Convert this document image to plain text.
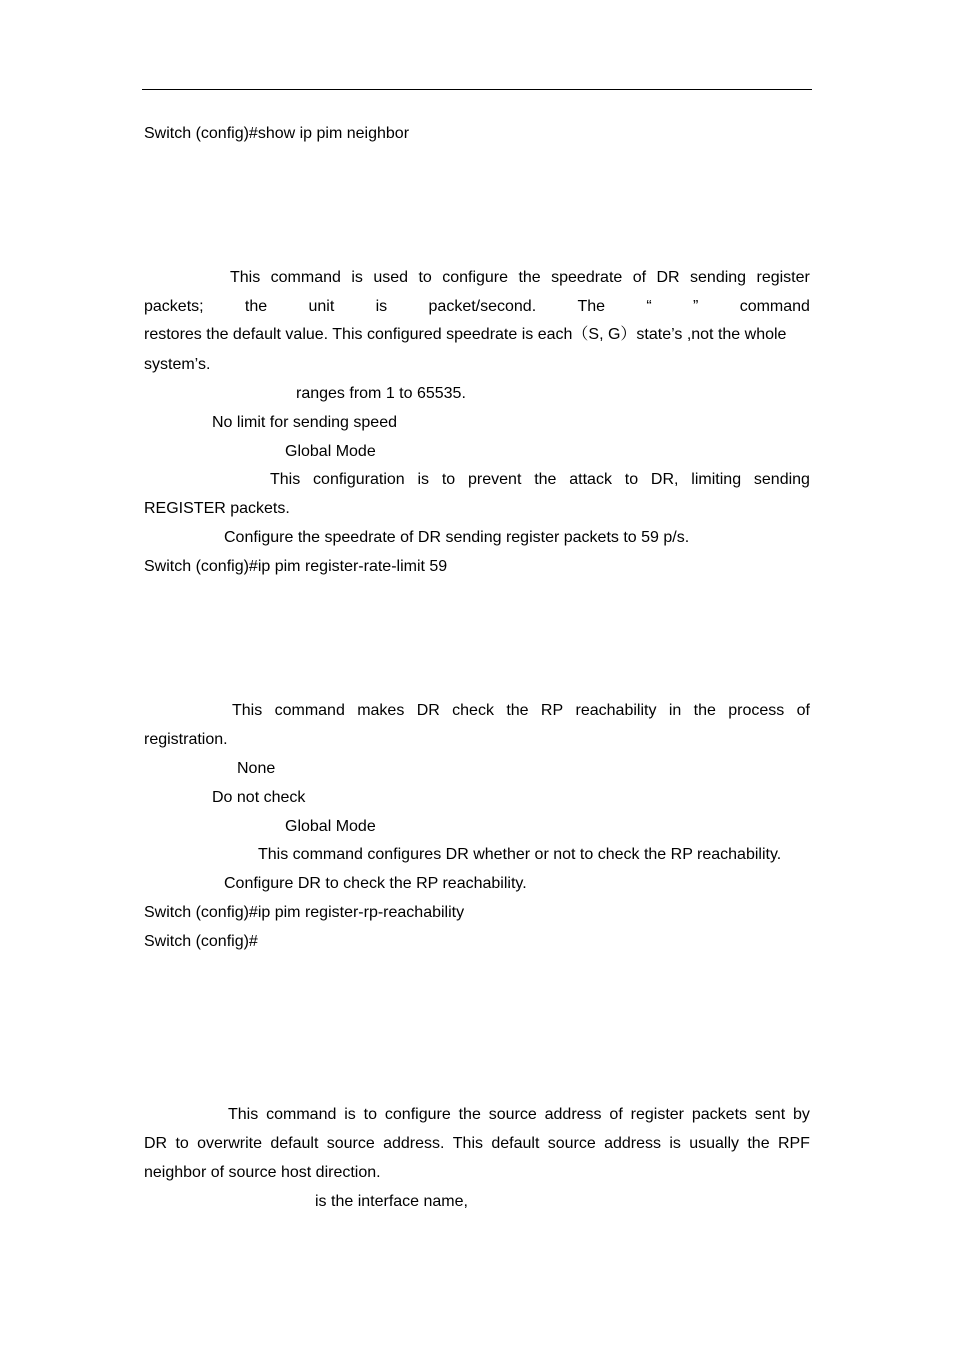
Switch (config)#show ip pim neighbor
This command is used to configure the speedrate of DR sending register
packets;	the	unit	is	packet/second.	The	“	”	command
restores the default value. This configured speedrate is each（S, G）state’s ,not the whole
system’s.
ranges from 1 to 65535.
No limit for sending speed
Global Mode
This configuration is to prevent the attack to DR, limiting sending
REGISTER packets.
Configure the speedrate of DR sending register packets to 59 p/s.
Switch (config)#ip pim register-rate-limit 59
This command makes DR check the RP reachability in the process of
registration.
None
Do not check
Global Mode
This command configures DR whether or not to check the RP reachability.
Configure DR to check the RP reachability.
Switch (config)#ip pim register-rp-reachability
Switch (config)#
This command is to configure the source address of register packets sent by
DR to overwrite default source address. This default source address is usually the RPF
neighbor of source host direction.
is the interface name,
